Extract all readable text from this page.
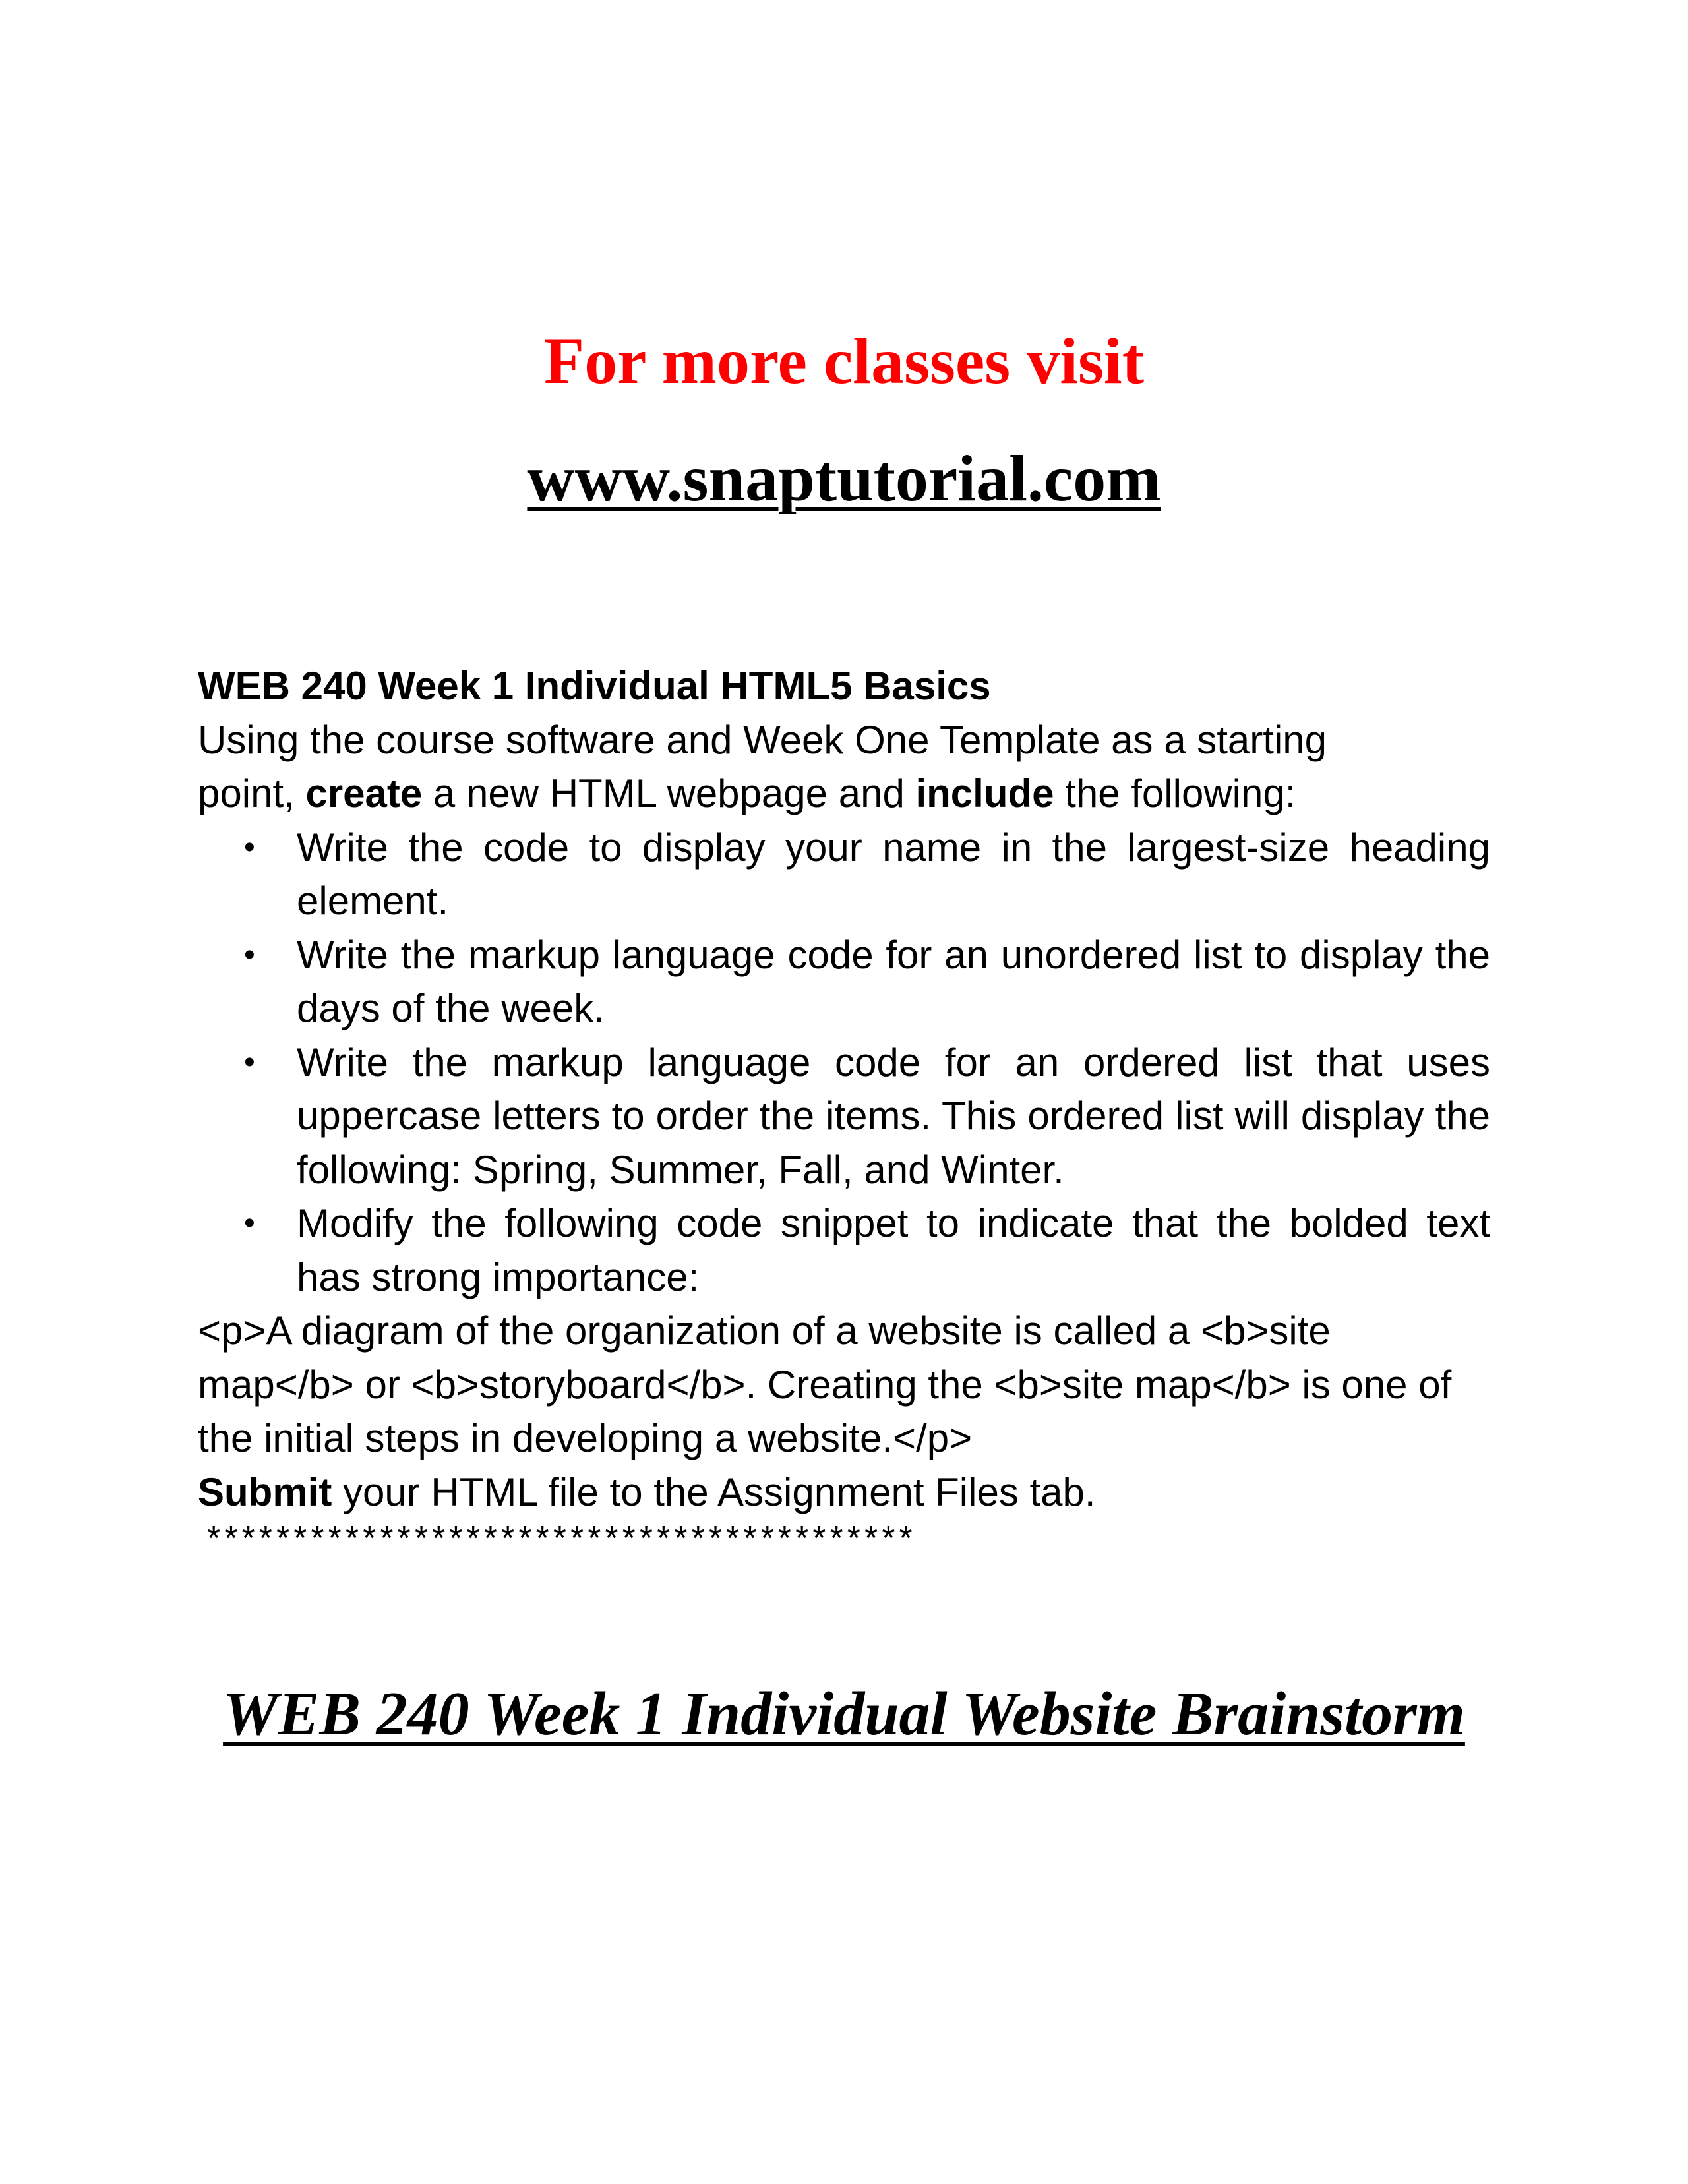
For more classes visit
www.snaptutorial.com

WEB 240 Week 1 Individual HTML5 Basics

Using the course software and Week One Template as a starting
point, create a new HTML webpage and include the following:

• Write the code to display your name in the largest-size heading element.
• Write the markup language code for an unordered list to display the days of the week.
• Write the markup language code for an ordered list that uses uppercase letters to order the items. This ordered list will display the following: Spring, Summer, Fall, and Winter.
• Modify the following code snippet to indicate that the bolded text has strong importance:

<p>A diagram of the organization of a website is called a <b>site map</b> or <b>storyboard</b>. Creating the <b>site map</b> is one of the initial steps in developing a website.</p>

Submit your HTML file to the Assignment Files tab.

*****************************************

WEB 240 Week 1 Individual Website Brainstorm
